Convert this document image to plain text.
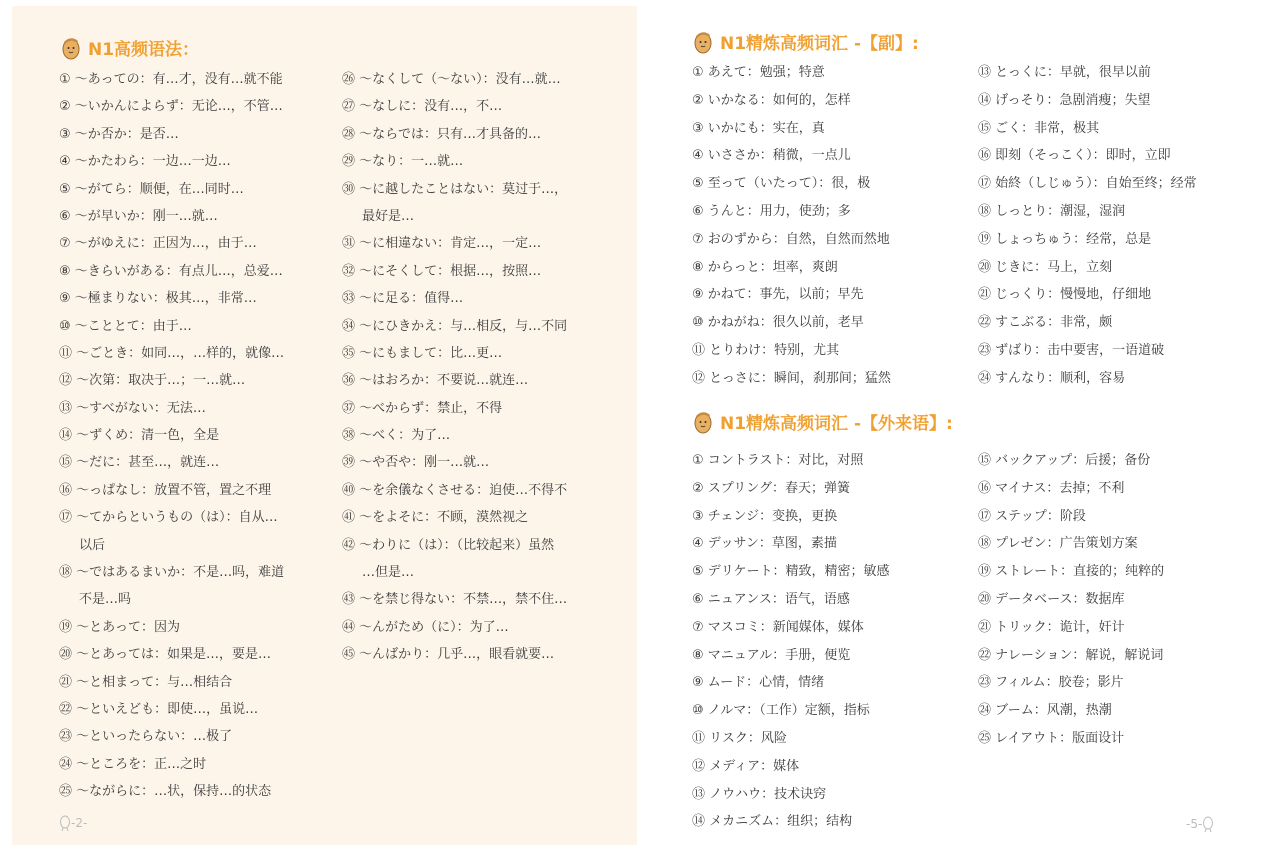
N1高频语法：
① ～あっての：有…才，没有…就不能
② ～いかんによらず：无论…，不管…
③ ～か否か：是否…
④ ～かたわら：一边…一边…
⑤ ～がてら：顺便，在…同时…
⑥ ～が早いか：刚一…就…
⑦ ～がゆえに：正因为…，由于…
⑧ ～きらいがある：有点儿…，总爱…
⑨ ～極まりない：极其…，非常…
⑩ ～こととて：由于…
⑪ ～ごとき：如同…，…样的，就像…
⑫ ～次第：取决于…；一…就…
⑬ ～すべがない：无法…
⑭ ～ずくめ：清一色，全是
⑮ ～だに：甚至…，就连…
⑯ ～っぱなし：放置不管，置之不理
⑰ ～てからというもの（は）：自从…
以后
⑱ ～ではあるまいか：不是…吗，难道
不是…吗
⑲ ～とあって：因为
⑳ ～とあっては：如果是…，要是…
㉑ ～と相まって：与…相结合
㉒ ～といえども：即使…，虽说…
㉓ ～といったらない：…极了
㉔ ～ところを：正…之时
㉕ ～ながらに：…状，保持…的状态
㉖ ～なくして（～ない）：没有…就…
㉗ ～なしに：没有…，不…
㉘ ～ならでは：只有…才具备的…
㉙ ～なり：一…就…
㉚ ～に越したことはない：莫过于…，
最好是…
㉛ ～に相違ない：肯定…，一定…
㉜ ～にそくして：根据…，按照…
㉝ ～に足る：值得…
㉞ ～にひきかえ：与…相反，与…不同
㉟ ～にもまして：比…更…
㊱ ～はおろか：不要说…就连…
㊲ ～べからず：禁止，不得
㊳ ～べく：为了…
㊴ ～や否や：刚一…就…
㊵ ～を余儀なくさせる：迫使…不得不
㊶ ～をよそに：不顾，漠然视之
㊷ ～わりに（は）：（比较起来）虽然
…但是…
㊸ ～を禁じ得ない：不禁…，禁不住…
㊹ ～んがため（に）：为了…
㊺ ～んばかり：几乎…，眼看就要…
-2-
N1精炼高频词汇 -【副】:
① あえて：勉强；特意
② いかなる：如何的，怎样
③ いかにも：实在，真
④ いささか：稍微，一点儿
⑤ 至って（いたって）：很，极
⑥ うんと：用力，使劲；多
⑦ おのずから：自然，自然而然地
⑧ からっと：坦率，爽朗
⑨ かねて：事先，以前；早先
⑩ かねがね：很久以前，老早
⑪ とりわけ：特别，尤其
⑫ とっさに：瞬间，刹那间；猛然
⑬ とっくに：早就，很早以前
⑭ げっそり：急剧消瘦；失望
⑮ ごく：非常，极其
⑯ 即刻（そっこく）：即时，立即
⑰ 始終（しじゅう）：自始至终；经常
⑱ しっとり：潮湿，湿润
⑲ しょっちゅう：经常，总是
⑳ じきに：马上，立刻
㉑ じっくり：慢慢地，仔细地
㉒ すこぶる：非常，颇
㉓ ずばり：击中要害，一语道破
㉔ すんなり：顺利，容易
N1精炼高频词汇 -【外来语】:
① コントラスト：对比，对照
② スプリング：春天；弹簧
③ チェンジ：变换，更换
④ デッサン：草图，素描
⑤ デリケート：精致，精密；敏感
⑥ ニュアンス：语气，语感
⑦ マスコミ：新闻媒体，媒体
⑧ マニュアル：手册，便览
⑨ ムード：心情，情绪
⑩ ノルマ：（工作）定额，指标
⑪ リスク：风险
⑫ メディア：媒体
⑬ ノウハウ：技术诀窍
⑭ メカニズム：组织；结构
⑮ バックアップ：后援；备份
⑯ マイナス：去掉；不利
⑰ ステップ：阶段
⑱ プレゼン：广告策划方案
⑲ ストレート：直接的；纯粹的
⑳ データベース：数据库
㉑ トリック：诡计，奸计
㉒ ナレーション：解说，解说词
㉓ フィルム：胶卷；影片
㉔ ブーム：风潮，热潮
㉕ レイアウト：版面设计
-5-
